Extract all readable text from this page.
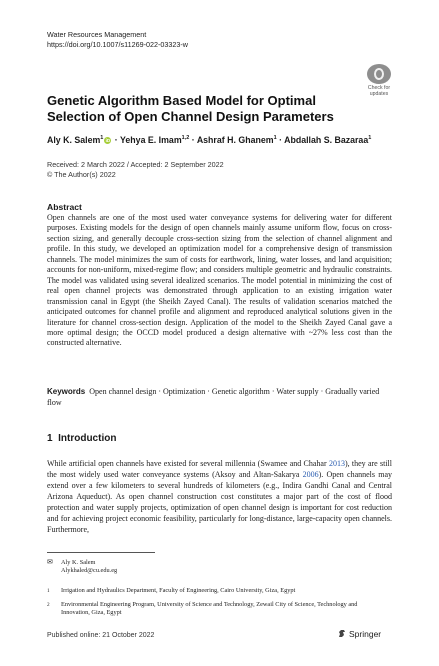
Water Resources Management
https://doi.org/10.1007/s11269-022-03323-w
Check for
updates
Genetic Algorithm Based Model for Optimal Selection of Open Channel Design Parameters
Aly K. Salem$^1$ iD · Yehya E. Imam$^{1,2}$ · Ashraf H. Ghanem$^1$ · Abdallah S. Bazaraa$^1$
Received: 2 March 2022 / Accepted: 2 September 2022
© The Author(s) 2022
Abstract
Open channels are one of the most used water conveyance systems for delivering water for different purposes. Existing models for the design of open channels mainly assume uniform flow, focus on cross-section sizing, and generally decouple cross-section sizing from the selection of channel alignment and profile. In this study, we developed an optimization model for a comprehensive design of transmission channels. The model minimizes the sum of costs for earthwork, lining, water losses, and land acquisition; accounts for non-uniform, mixed-regime flow; and considers multiple geometric and hydraulic constraints. The model was validated using several idealized scenarios. The model potential in minimizing the cost of real open channel projects was demonstrated through application to an existing irrigation water transmission canal in Egypt (the Sheikh Zayed Canal). The results of validation scenarios matched the anticipated outcomes for channel profile and alignment and reproduced analytical solutions given in the literature for channel cross-section design. Application of the model to the Sheikh Zayed Canal gave a more optimal design; the OCCD model produced a design alternative with ~27% less cost than the constructed alternative.
Keywords Open channel design · Optimization · Genetic algorithm · Water supply · Gradually varied flow
1 Introduction
While artificial open channels have existed for several millennia (Swamee and Chahar 2013), they are still the most widely used water conveyance systems (Aksoy and Altan-Sakarya 2006). Open channels may extend over a few kilometers to several hundreds of kilometers (e.g., Indira Gandhi Canal and Central Arizona Aqueduct). As open channel construction cost constitutes a major part of the cost of flood protection and water supply projects, optimization of open channel design is important for cost reduction and for achieving project economic feasibility, particularly for long-distance, large-capacity open channels. Furthermore,
✉ Aly K. Salem
Alykhaled@cu.edu.eg
1 Irrigation and Hydraulics Department, Faculty of Engineering, Cairo University, Giza, Egypt
2 Environmental Engineering Program, University of Science and Technology, Zewail City of Science, Technology and Innovation, Giza, Egypt
Published online: 21 October 2022	Springer
